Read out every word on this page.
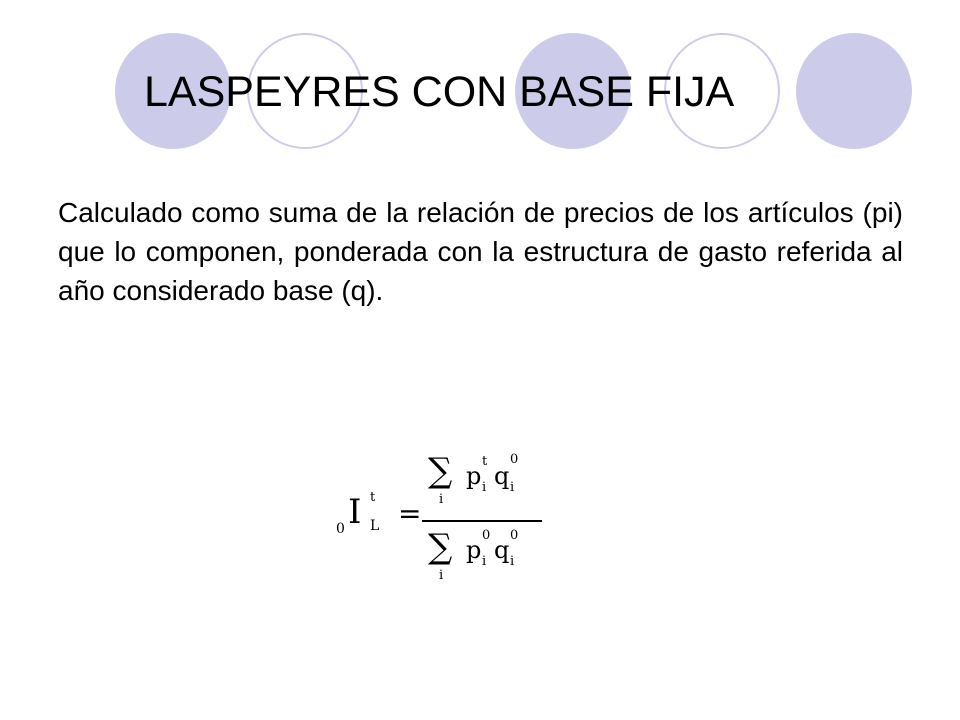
LASPEYRES CON BASE FIJA

Calculado como suma de la relación de precios de los artículos (pi) que lo componen, ponderada con la estructura de gasto referida al año considerado base (q).

0 I t
L =
∑
i
p
t
i q
0
i
∑
i
p
0
i q
0
i
